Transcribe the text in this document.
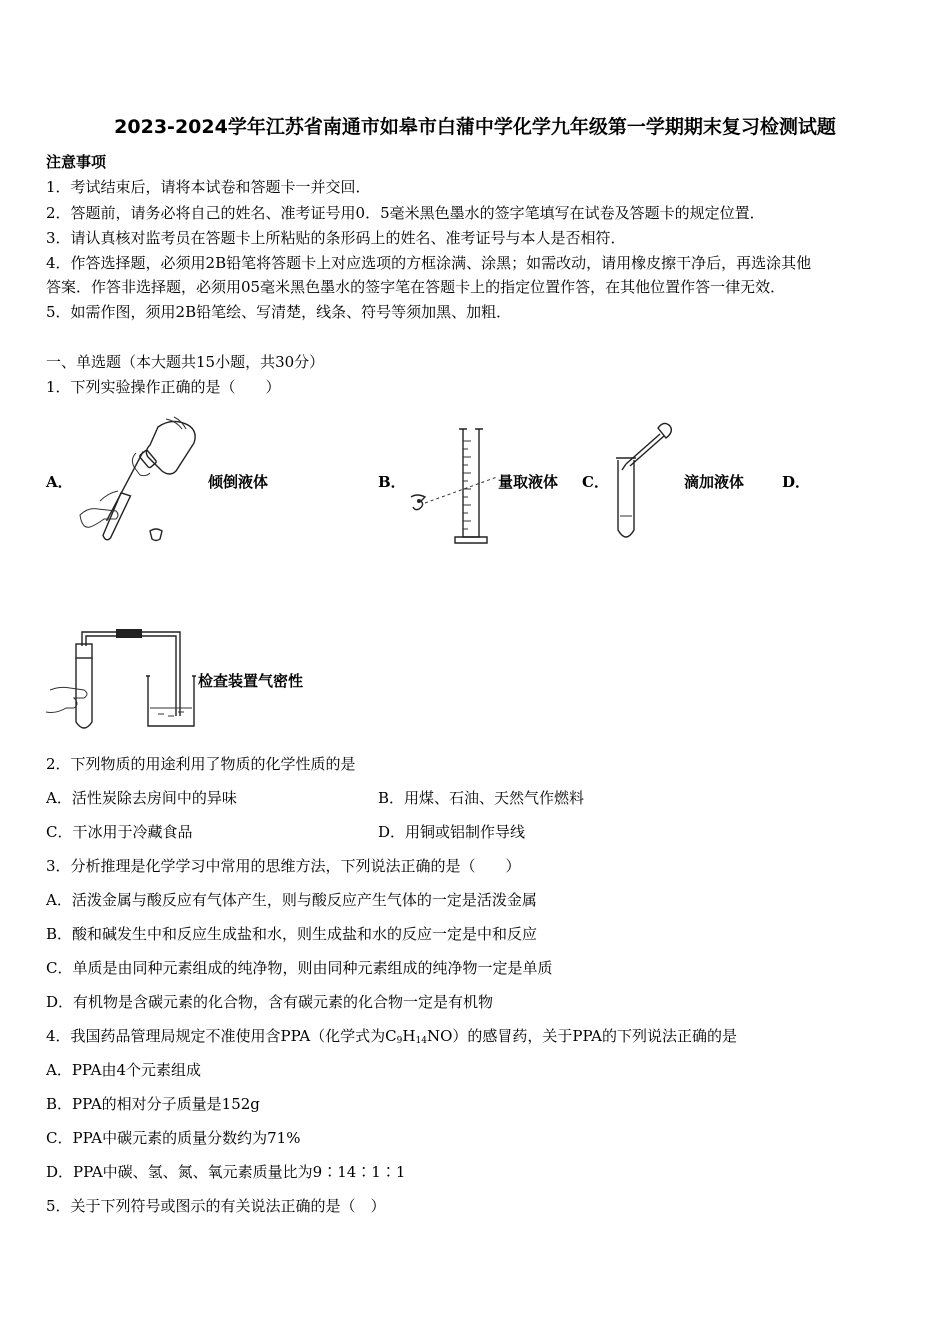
2023-2024学年江苏省南通市如皋市白蒲中学化学九年级第一学期期末复习检测试题
注意事项
1．考试结束后，请将本试卷和答题卡一并交回．
2．答题前，请务必将自己的姓名、准考证号用0．5毫米黑色墨水的签字笔填写在试卷及答题卡的规定位置．
3．请认真核对监考员在答题卡上所粘贴的条形码上的姓名、准考证号与本人是否相符．
4．作答选择题，必须用2B铅笔将答题卡上对应选项的方框涂满、涂黑；如需改动，请用橡皮擦干净后，再选涂其他
答案．作答非选择题，必须用05毫米黑色墨水的签字笔在答题卡上的指定位置作答，在其他位置作答一律无效．
5．如需作图，须用2B铅笔绘、写清楚，线条、符号等须加黑、加粗．
一、单选题（本大题共15小题，共30分）
1．下列实验操作正确的是（　　）
A．	倾倒液体	B．	量取液体 C．	滴加液体	D．
检查装置气密性
2．下列物质的用途利用了物质的化学性质的是
A．活性炭除去房间中的异味	B．用煤、石油、天然气作燃料
C．干冰用于冷藏食品	D．用铜或铝制作导线
3．分析推理是化学学习中常用的思维方法，下列说法正确的是（　　）
A．活泼金属与酸反应有气体产生，则与酸反应产生气体的一定是活泼金属
B．酸和碱发生中和反应生成盐和水，则生成盐和水的反应一定是中和反应
C．单质是由同种元素组成的纯净物，则由同种元素组成的纯净物一定是单质
D．有机物是含碳元素的化合物，含有碳元素的化合物一定是有机物
4．我国药品管理局规定不准使用含PPA（化学式为$C_9H_{14}NO$）的感冒药，关于PPA的下列说法正确的是
A．PPA由4个元素组成
B．PPA的相对分子质量是152g
C．PPA中碳元素的质量分数约为71%
D．PPA中碳、氢、氮、氧元素质量比为9∶14∶1∶1
5．关于下列符号或图示的有关说法正确的是（　）
